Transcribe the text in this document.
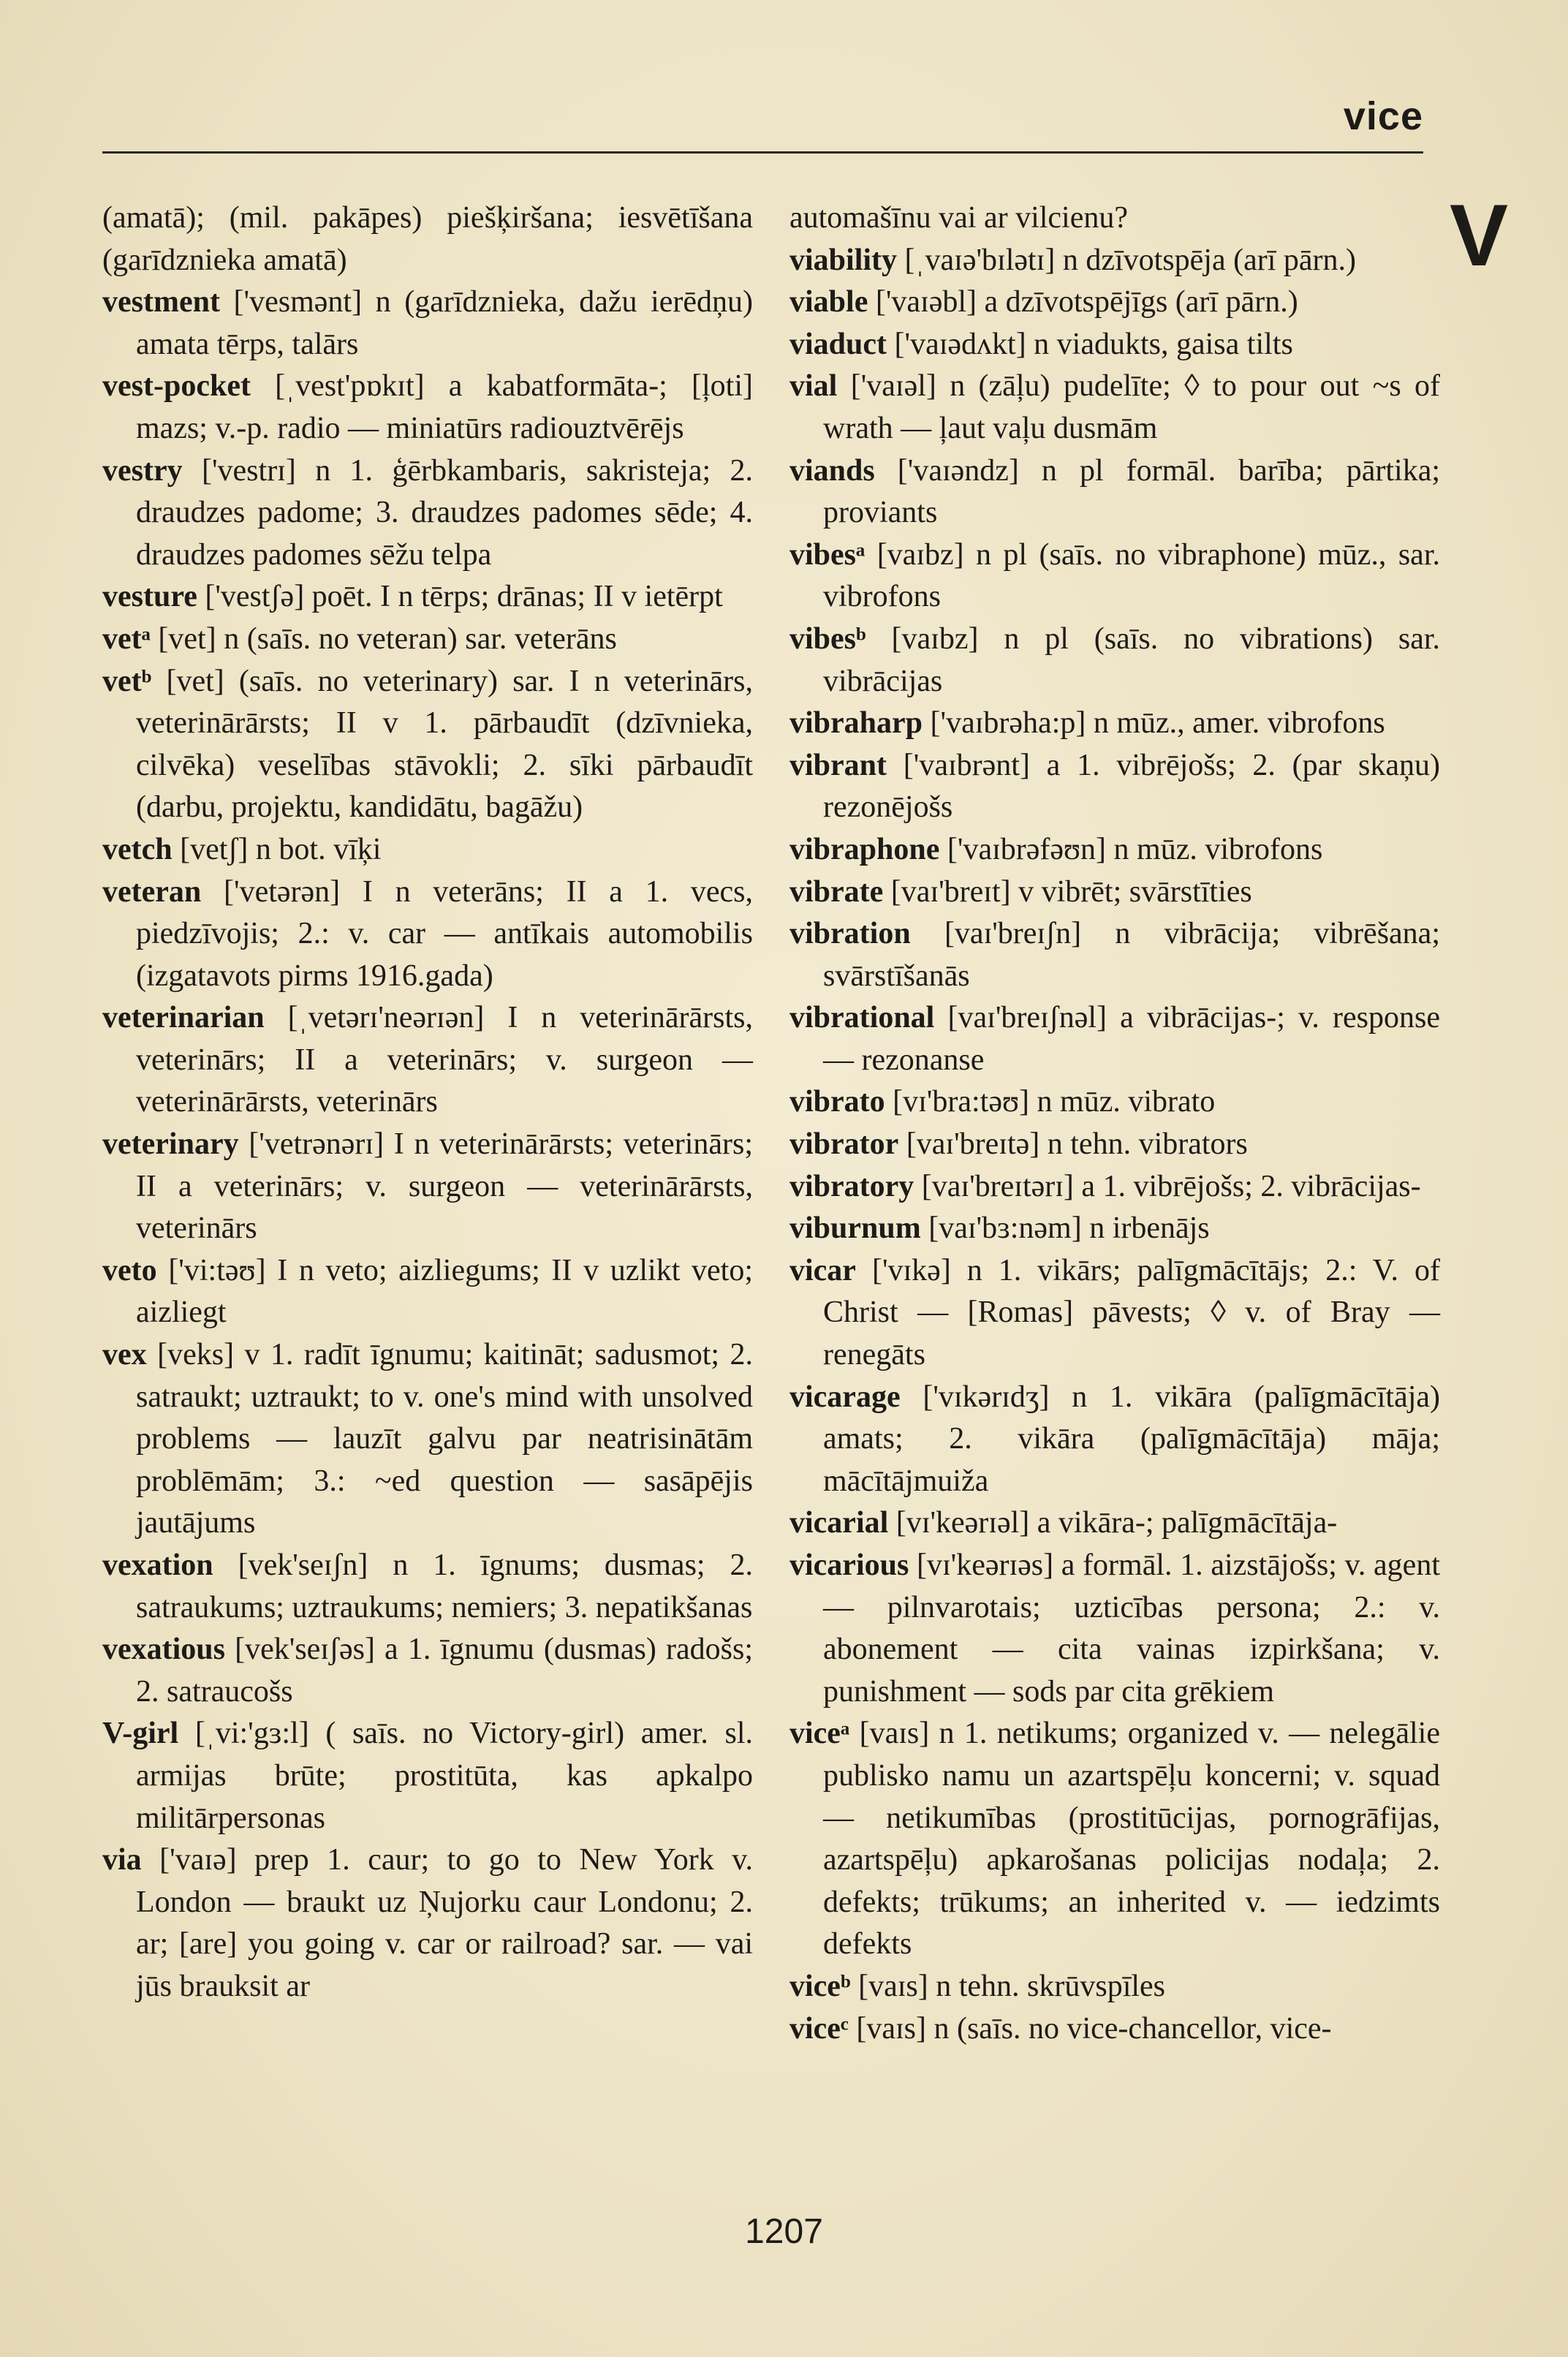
vice
V
(amatā); (mil. pakāpes) piešķiršana; iesvētīšana (garīdznieka amatā)
vestment ['vesmənt] n (garīdznieka, dažu ierēdņu) amata tērps, talārs
vest-pocket [ˌvest'pɒkɪt] a kabatformāta-; [ļoti] mazs; v.-p. radio — miniatūrs radiouztvērējs
vestry ['vestrɪ] n 1. ģērbkambaris, sakristeja; 2. draudzes padome; 3. draudzes padomes sēde; 4. draudzes padomes sēžu telpa
vesture ['vestʃə] poēt. I n tērps; drānas; II v ietērpt
vetᵃ [vet] n (saīs. no veteran) sar. veterāns
vetᵇ [vet] (saīs. no veterinary) sar. I n veterinārs, veterinārārsts; II v 1. pārbaudīt (dzīvnieka, cilvēka) veselības stāvokli; 2. sīki pārbaudīt (darbu, projektu, kandidātu, bagāžu)
vetch [vetʃ] n bot. vīķi
veteran ['vetərən] I n veterāns; II a 1. vecs, piedzīvojis; 2.: v. car — antīkais automobilis (izgatavots pirms 1916.gada)
veterinarian [ˌvetərɪ'neərɪən] I n veterinārārsts, veterinārs; II a veterinārs; v. surgeon — veterinārārsts, veterinārs
veterinary ['vetrənərɪ] I n veterinārārsts; veterinārs; II a veterinārs; v. surgeon — veterinārārsts, veterinārs
veto ['vi:təʊ] I n veto; aizliegums; II v uzlikt veto; aizliegt
vex [veks] v 1. radīt īgnumu; kaitināt; sadusmot; 2. satraukt; uztraukt; to v. one's mind with unsolved problems — lauzīt galvu par neatrisinātām problēmām; 3.: ~ed question — sasāpējis jautājums
vexation [vek'seɪʃn] n 1. īgnums; dusmas; 2. satraukums; uztraukums; nemiers; 3. nepatikšanas
vexatious [vek'seɪʃəs] a 1. īgnumu (dusmas) radošs; 2. satraucošs
V-girl [ˌvi:'gɜ:l] ( saīs. no Victory-girl) amer. sl. armijas brūte; prostitūta, kas apkalpo militārpersonas
via ['vaɪə] prep 1. caur; to go to New York v. London — braukt uz Ņujorku caur Londonu; 2. ar; [are] you going v. car or railroad? sar. — vai jūs brauksit ar
automašīnu vai ar vilcienu?
viability [ˌvaɪə'bɪlətɪ] n dzīvotspēja (arī pārn.)
viable ['vaɪəbl] a dzīvotspējīgs (arī pārn.)
viaduct ['vaɪədʌkt] n viadukts, gaisa tilts
vial ['vaɪəl] n (zāļu) pudelīte; ◊ to pour out ~s of wrath — ļaut vaļu dusmām
viands ['vaɪəndz] n pl formāl. barība; pārtika; proviants
vibesᵃ [vaɪbz] n pl (saīs. no vibraphone) mūz., sar. vibrofons
vibesᵇ [vaɪbz] n pl (saīs. no vibrations) sar. vibrācijas
vibraharp ['vaɪbrəha:p] n mūz., amer. vibrofons
vibrant ['vaɪbrənt] a 1. vibrējošs; 2. (par skaņu) rezonējošs
vibraphone ['vaɪbrəfəʊn] n mūz. vibrofons
vibrate [vaɪ'breɪt] v vibrēt; svārstīties
vibration [vaɪ'breɪʃn] n vibrācija; vibrēšana; svārstīšanās
vibrational [vaɪ'breɪʃnəl] a vibrācijas-; v. response — rezonanse
vibrato [vɪ'bra:təʊ] n mūz. vibrato
vibrator [vaɪ'breɪtə] n tehn. vibrators
vibratory [vaɪ'breɪtərɪ] a 1. vibrējošs; 2. vibrācijas-
viburnum [vaɪ'bɜ:nəm] n irbenājs
vicar ['vɪkə] n 1. vikārs; palīgmācītājs; 2.: V. of Christ — [Romas] pāvests; ◊ v. of Bray — renegāts
vicarage ['vɪkərɪdʒ] n 1. vikāra (palīgmācītāja) amats; 2. vikāra (palīgmācītāja) māja; mācītājmuiža
vicarial [vɪ'keərɪəl] a vikāra-; palīgmācītāja-
vicarious [vɪ'keərɪəs] a formāl. 1. aizstājošs; v. agent — pilnvarotais; uzticības persona; 2.: v. abonement — cita vainas izpirkšana; v. punishment — sods par cita grēkiem
viceᵃ [vaɪs] n 1. netikums; organized v. — nelegālie publisko namu un azartspēļu koncerni; v. squad — netikumības (prostitūcijas, pornogrāfijas, azartspēļu) apkarošanas policijas nodaļa; 2. defekts; trūkums; an inherited v. — iedzimts defekts
viceᵇ [vaɪs] n tehn. skrūvspīles
viceᶜ [vaɪs] n (saīs. no vice-chancellor, vice-
1207
